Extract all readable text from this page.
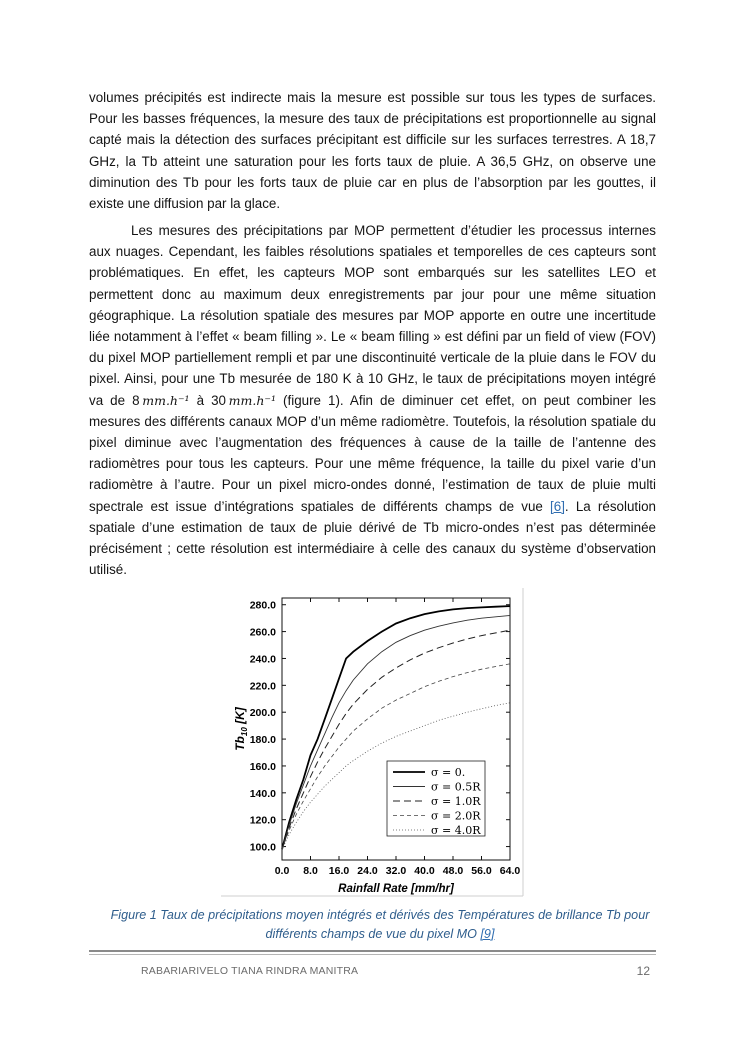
volumes précipités est indirecte mais la mesure est possible sur tous les types de surfaces. Pour les basses fréquences, la mesure des taux de précipitations est proportionnelle au signal capté mais la détection des surfaces précipitant est difficile sur les surfaces terrestres. A 18,7 GHz, la Tb atteint une saturation pour les forts taux de pluie. A 36,5 GHz, on observe une diminution des Tb pour les forts taux de pluie car en plus de l’absorption par les gouttes, il existe une diffusion par la glace.

Les mesures des précipitations par MOP permettent d’étudier les processus internes aux nuages. Cependant, les faibles résolutions spatiales et temporelles de ces capteurs sont problématiques. En effet, les capteurs MOP sont embarqués sur les satellites LEO et permettent donc au maximum deux enregistrements par jour pour une même situation géographique. La résolution spatiale des mesures par MOP apporte en outre une incertitude liée notamment à l’effet « beam filling ». Le « beam filling » est défini par un field of view (FOV) du pixel MOP partiellement rempli et par une discontinuité verticale de la pluie dans le FOV du pixel. Ainsi, pour une Tb mesurée de 180 K à 10 GHz, le taux de précipitations moyen intégré va de 8  mm.h⁻¹ à 30  mm.h⁻¹ (figure 1). Afin de diminuer cet effet, on peut combiner les mesures des différents canaux MOP d’un même radiomètre. Toutefois, la résolution spatiale du pixel diminue avec l’augmentation des fréquences à cause de la taille de l’antenne des radiomètres pour tous les capteurs. Pour une même fréquence, la taille du pixel varie d’un radiomètre à l’autre. Pour un pixel micro-ondes donné, l’estimation de taux de pluie multi spectrale est issue d’intégrations spatiales de différents champs de vue [6]. La résolution spatiale d’une estimation de taux de pluie dérivé de Tb micro-ondes n’est pas déterminée précisément ; cette résolution est intermédiaire à celle des canaux du système d’observation utilisé.

100.0
120.0
140.0
160.0
180.0
200.0
220.0
240.0
260.0
280.0
0.0 8.0 16.0 24.0 32.0 40.0 48.0 56.0 64.0
$Tb_{10}$ [K]
Rainfall Rate [mm/hr]
σ = 0.
σ = 0.5R
σ = 1.0R
σ = 2.0R
σ = 4.0R
Figure 1 Taux de précipitations moyen intégrés et dérivés des Températures de brillance Tb pour différents champs de vue du pixel MO [9]
RABARIARIVELO TIANA RINDRA MANITRA	12
